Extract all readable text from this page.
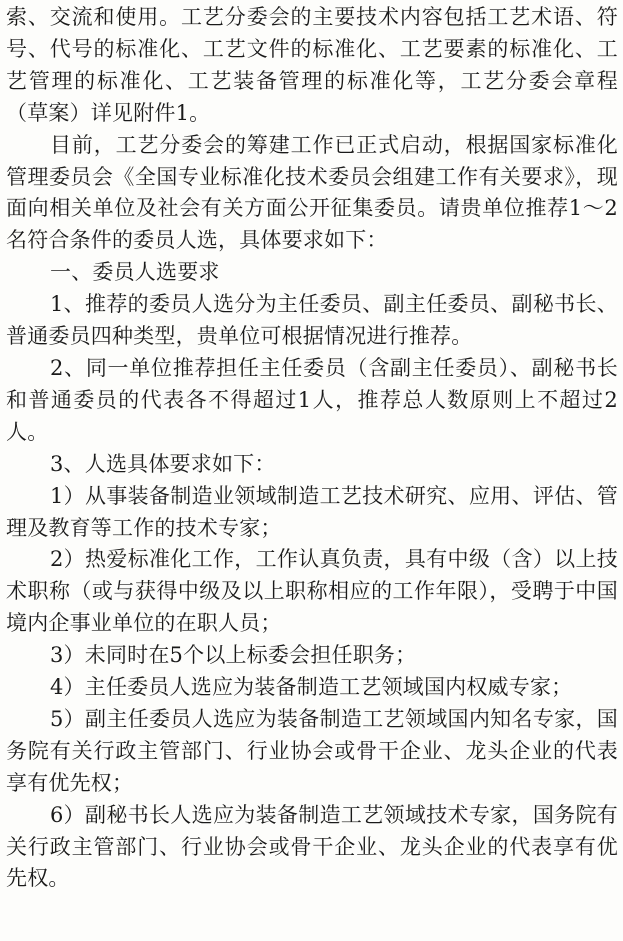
索、交流和使用。工艺分委会的主要技术内容包括工艺术语、符号、代号的标准化、工艺文件的标准化、工艺要素的标准化、工艺管理的标准化、工艺装备管理的标准化等，工艺分委会章程（草案）详见附件1。

目前，工艺分委会的筹建工作已正式启动，根据国家标准化管理委员会《全国专业标准化技术委员会组建工作有关要求》，现面向相关单位及社会有关方面公开征集委员。请贵单位推荐1～2名符合条件的委员人选，具体要求如下：

一、委员人选要求

1、推荐的委员人选分为主任委员、副主任委员、副秘书长、普通委员四种类型，贵单位可根据情况进行推荐。

2、同一单位推荐担任主任委员（含副主任委员）、副秘书长和普通委员的代表各不得超过1人，推荐总人数原则上不超过2人。

3、人选具体要求如下：

1）从事装备制造业领域制造工艺技术研究、应用、评估、管理及教育等工作的技术专家；

2）热爱标准化工作，工作认真负责，具有中级（含）以上技术职称（或与获得中级及以上职称相应的工作年限），受聘于中国境内企事业单位的在职人员；

3）未同时在5个以上标委会担任职务；

4）主任委员人选应为装备制造工艺领域国内权威专家；

5）副主任委员人选应为装备制造工艺领域国内知名专家，国务院有关行政主管部门、行业协会或骨干企业、龙头企业的代表享有优先权；

6）副秘书长人选应为装备制造工艺领域技术专家，国务院有关行政主管部门、行业协会或骨干企业、龙头企业的代表享有优先权。
